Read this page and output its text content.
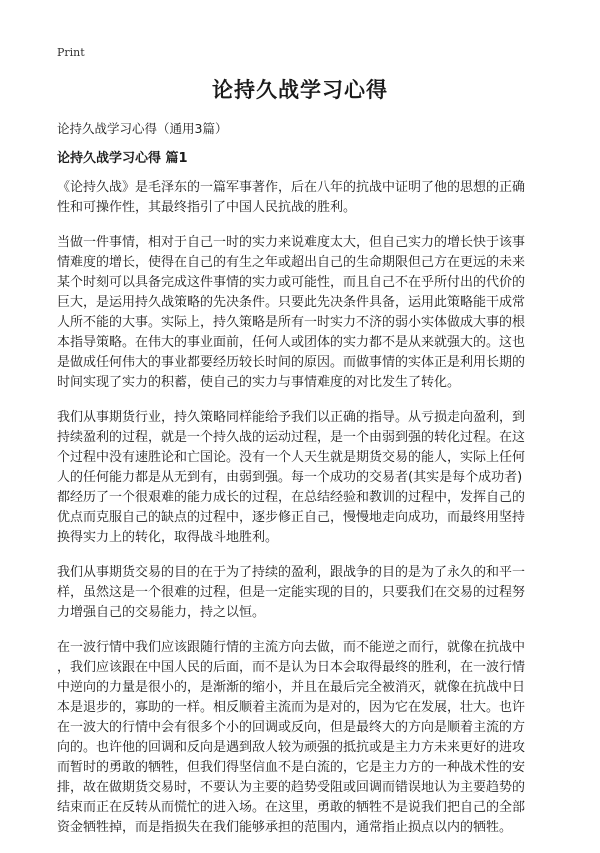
Print
论持久战学习心得
论持久战学习心得（通用3篇）
论持久战学习心得 篇1

《论持久战》是毛泽东的一篇军事著作，后在八年的抗战中证明了他的思想的正确
性和可操作性，其最终指引了中国人民抗战的胜利。

当做一件事情，相对于自己一时的实力来说难度太大，但自己实力的增长快于该事
情难度的增长，使得在自己的有生之年或超出自己的生命期限但己方在更远的未来
某个时刻可以具备完成这件事情的实力或可能性，而且自己不在乎所付出的代价的
巨大，是运用持久战策略的先决条件。只要此先决条件具备，运用此策略能干成常
人所不能的大事。实际上，持久策略是所有一时实力不济的弱小实体做成大事的根
本指导策略。在伟大的事业面前，任何人或团体的实力都不是从来就强大的。这也
是做成任何伟大的事业都要经历较长时间的原因。而做事情的实体正是利用长期的
时间实现了实力的积蓄，使自己的实力与事情难度的对比发生了转化。

我们从事期货行业，持久策略同样能给予我们以正确的指导。从亏损走向盈利，到
持续盈利的过程，就是一个持久战的运动过程，是一个由弱到强的转化过程。在这
个过程中没有速胜论和亡国论。没有一个人天生就是期货交易的能人，实际上任何
人的任何能力都是从无到有，由弱到强。每一个成功的交易者(其实是每个成功者)
都经历了一个很艰难的能力成长的过程，在总结经验和教训的过程中，发挥自己的
优点而克服自己的缺点的过程中，逐步修正自己，慢慢地走向成功，而最终用坚持
换得实力上的转化，取得战斗地胜利。

我们从事期货交易的目的在于为了持续的盈利，跟战争的目的是为了永久的和平一
样，虽然这是一个很难的过程，但是一定能实现的目的，只要我们在交易的过程努
力增强自己的交易能力，持之以恒。

在一波行情中我们应该跟随行情的主流方向去做，而不能逆之而行，就像在抗战中
，我们应该跟在中国人民的后面，而不是认为日本会取得最终的胜利，在一波行情
中逆向的力量是很小的，是渐渐的缩小，并且在最后完全被消灭，就像在抗战中日
本是退步的，寡助的一样。相反顺着主流而为是对的，因为它在发展，壮大。也许
在一波大的行情中会有很多个小的回调或反向，但是最终大的方向是顺着主流的方
向的。也许他的回调和反向是遇到敌人较为顽强的抵抗或是主力方未来更好的进攻
而暂时的勇敢的牺牲，但我们得坚信血不是白流的，它是主力方的一种战术性的安
排，故在做期货交易时，不要认为主要的趋势受阻或回调而错误地认为主要趋势的
结束而正在反转从而慌忙的进入场。在这里，勇敢的牺牲不是说我们把自己的全部
资金牺牲掉，而是指损失在我们能够承担的范围内，通常指止损点以内的牺牲。
